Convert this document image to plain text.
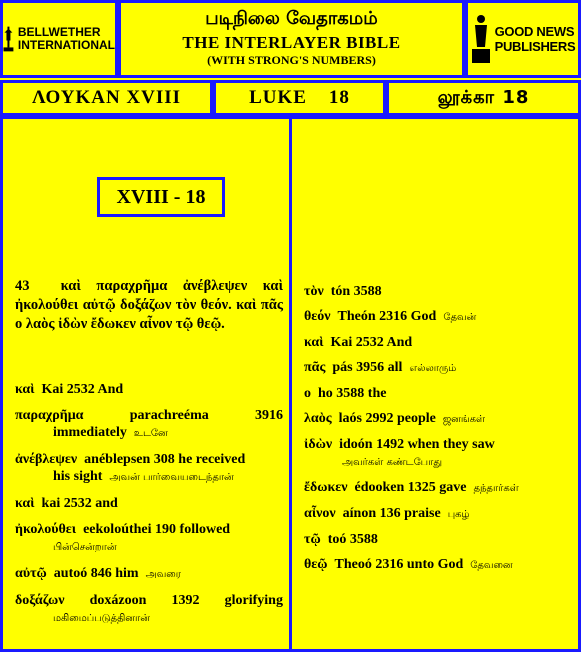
BELLWETHER
INTERNATIONAL
படிநிலை வேதாகமம்
THE INTERLAYER BIBLE
(WITH STRONG'S NUMBERS)
GOOD NEWS
PUBLISHERS
ΛΟΥΚΑΝ XVIII	LUKE 18	லூக்கா 18
XVIII - 18
43 καὶ παραχρῆμα ἀνέβλεψεν καὶ ἠκολούθει αὐτῷ δοξάζων τὸν θεόν. καὶ πᾶς ο λαὸς ἰδὼν ἔδωκεν αἶνον τῷ θεῷ.
καὶ Kai 2532 And
παραχρῆμα	parachreéma	3916
immediately உடனே
ἀνέβλεψεν anéblepsen 308 he received
his sight அவன் பார்வையடைந்தான்
καὶ kai 2532 and
ἠκολούθει eekoloúthei 190 followed
பின்சென்றான்
αὐτῷ autoó 846 him அவரை
δοξάζων doxázoon 1392 glorifying
மகிமைப்படுத்தினான்
τὸν tón 3588
θεόν Theón 2316 God தேவன்
καὶ Kai 2532 And
πᾶς pás 3956 all எல்லாரும்
ο ho 3588 the
λαὸς laós 2992 people ஜனங்கள்
ἰδὼν idoón 1492 when they saw
அவர்கள் கண்டபோது
ἔδωκεν édooken 1325 gave தந்தார்கள்
αἶνον aínon 136 praise புகழ்
τῷ toó 3588
θεῷ Theoó 2316 unto God தேவனை
